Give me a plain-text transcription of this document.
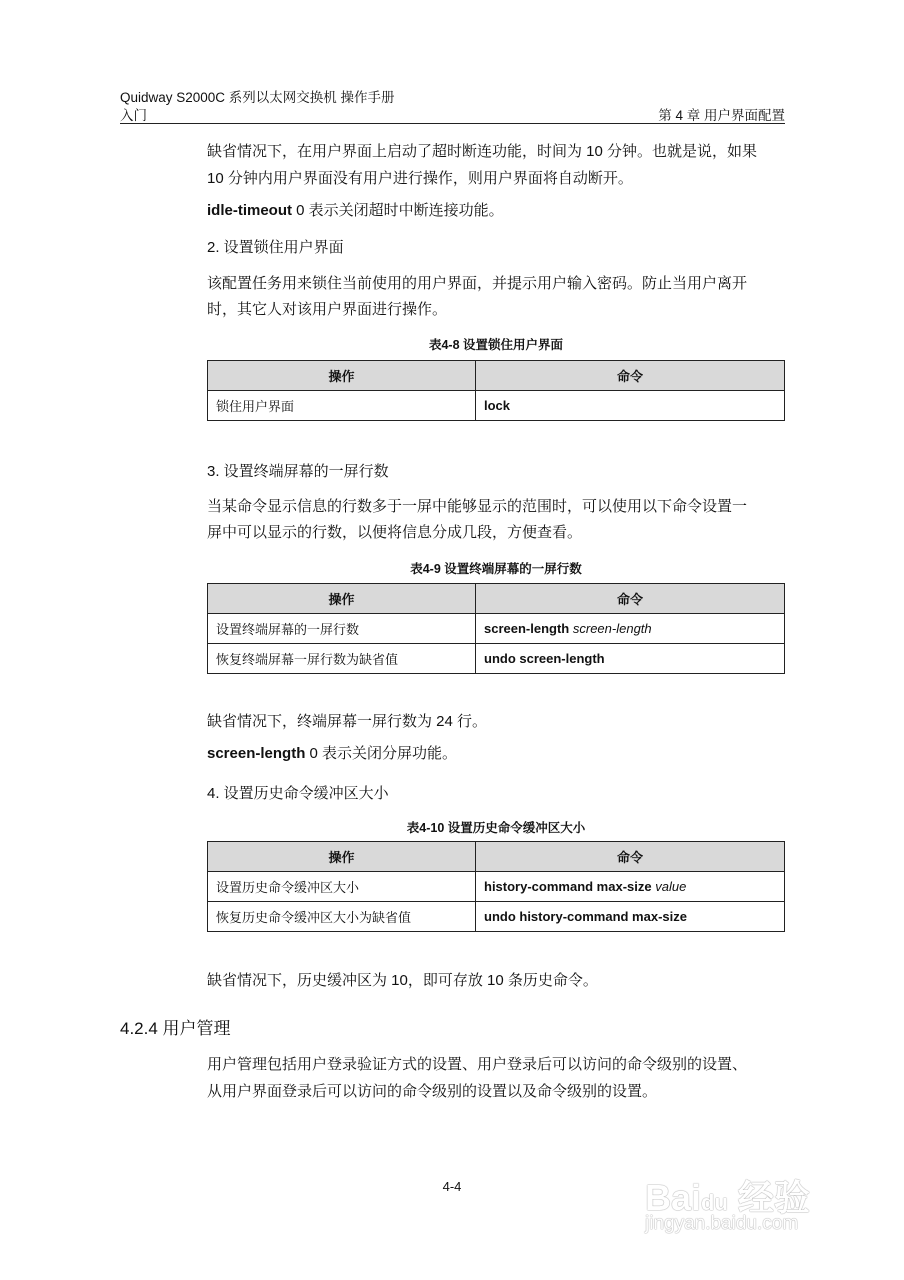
Quidway S2000C 系列以太网交换机 操作手册
入门	第 4 章 用户界面配置
缺省情况下，在用户界面上启动了超时断连功能，时间为 10 分钟。也就是说，如果
10 分钟内用户界面没有用户进行操作，则用户界面将自动断开。
idle-timeout 0 表示关闭超时中断连接功能。
2. 设置锁住用户界面
该配置任务用来锁住当前使用的用户界面，并提示用户输入密码。防止当用户离开
时，其它人对该用户界面进行操作。
表4-8 设置锁住用户界面
操作	命令
锁住用户界面	lock
3. 设置终端屏幕的一屏行数
当某命令显示信息的行数多于一屏中能够显示的范围时，可以使用以下命令设置一
屏中可以显示的行数，以便将信息分成几段，方便查看。
表4-9 设置终端屏幕的一屏行数
操作	命令
设置终端屏幕的一屏行数	screen-length screen-length
恢复终端屏幕一屏行数为缺省值	undo screen-length
缺省情况下，终端屏幕一屏行数为 24 行。
screen-length 0 表示关闭分屏功能。
4. 设置历史命令缓冲区大小
表4-10 设置历史命令缓冲区大小
操作	命令
设置历史命令缓冲区大小	history-command max-size value
恢复历史命令缓冲区大小为缺省值	undo history-command max-size
缺省情况下，历史缓冲区为 10，即可存放 10 条历史命令。
4.2.4 用户管理
用户管理包括用户登录验证方式的设置、用户登录后可以访问的命令级别的设置、
从用户界面登录后可以访问的命令级别的设置以及命令级别的设置。
4-4	Baidu 经验
jingyan.baidu.com
